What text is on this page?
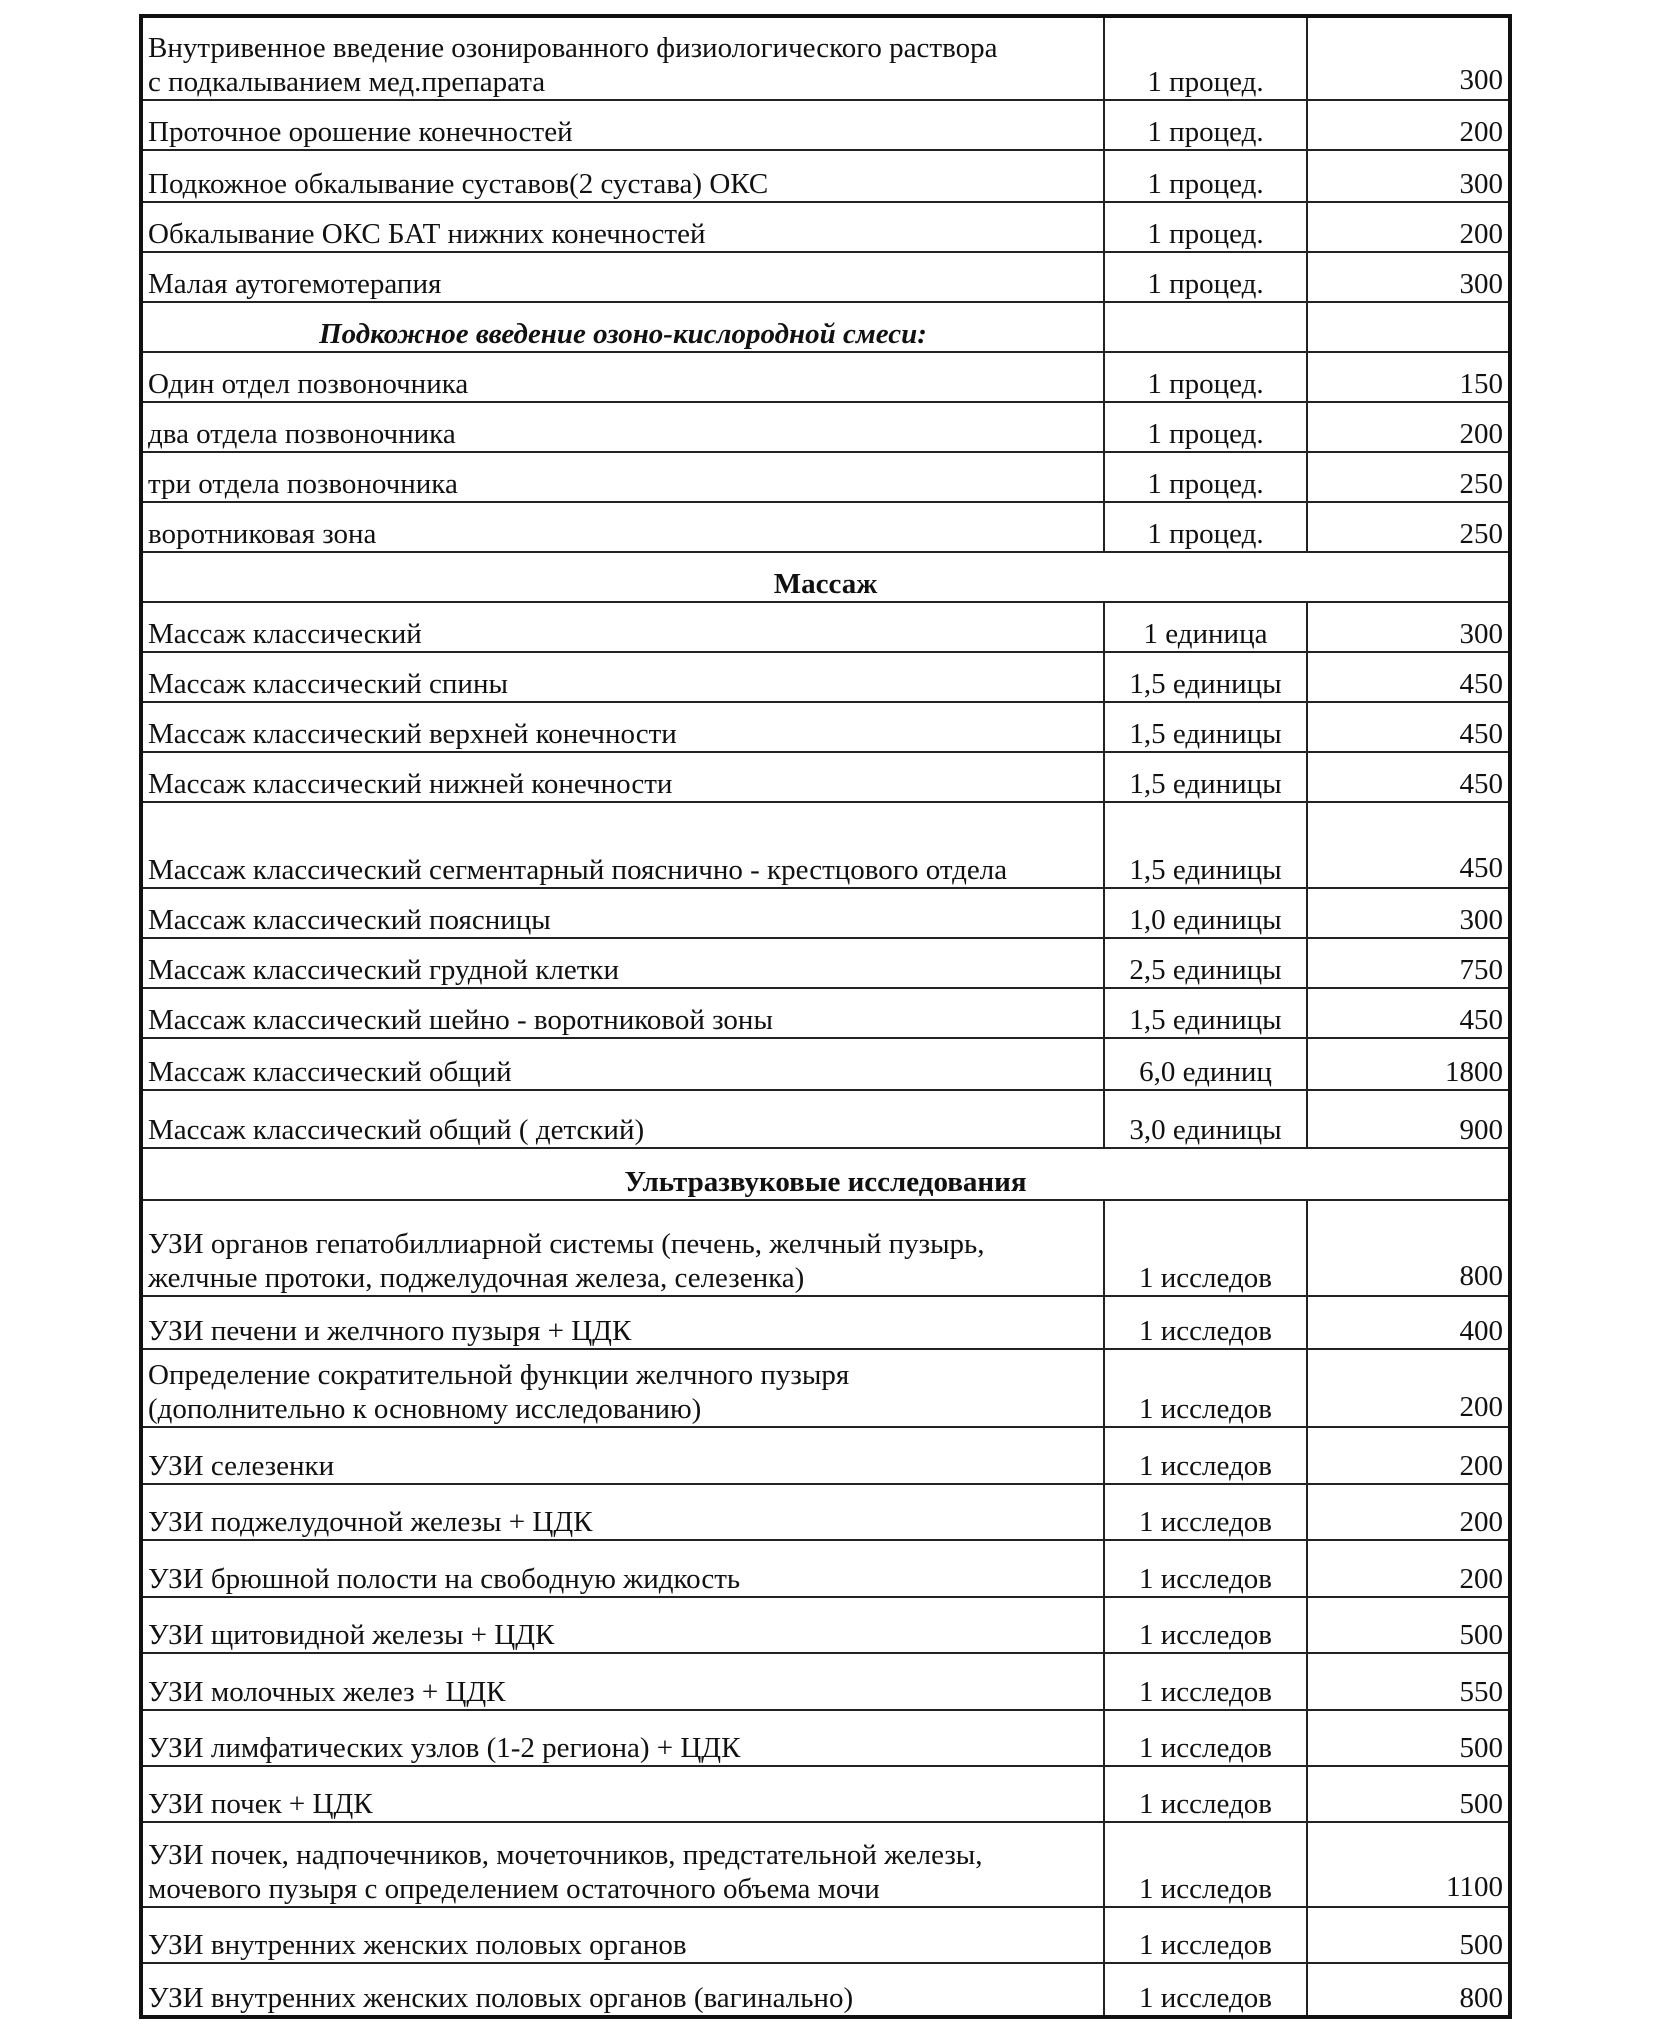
Внутривенное введение озонированного физиологического раствора
с подкалыванием мед.препарата	1 процед.	300
Проточное орошение конечностей	1 процед.	200
Подкожное обкалывание суставов(2 сустава) ОКС	1 процед.	300
Обкалывание ОКС БАТ нижних конечностей	1 процед.	200
Малая аутогемотерапия	1 процед.	300
Подкожное введение озоно-кислородной смеси:		
Один отдел позвоночника	1 процед.	150
два отдела позвоночника	1 процед.	200
три отдела позвоночника	1 процед.	250
воротниковая зона	1 процед.	250
Массаж		
Массаж классический	1 единица	300
Массаж классический спины	1,5 единицы	450
Массаж классический верхней конечности	1,5 единицы	450
Массаж классический нижней конечности	1,5 единицы	450
Массаж классический сегментарный пояснично - крестцового отдела	1,5 единицы	450
Массаж классический поясницы	1,0 единицы	300
Массаж классический грудной клетки	2,5 единицы	750
Массаж классический шейно - воротниковой зоны	1,5 единицы	450
Массаж классический общий	6,0 единиц	1800
Массаж классический общий ( детский)	3,0 единицы	900
Ультразвуковые исследования		

УЗИ органов гепатобиллиарной системы (печень, желчный пузырь,
желчные протоки, поджелудочная железа, селезенка)	1 исследов	800
УЗИ печени и желчного пузыря + ЦДК	1 исследов	400

Определение сократительной функции желчного пузыря
(дополнительно к основному исследованию)	1 исследов	200
УЗИ селезенки	1 исследов	200
УЗИ поджелудочной железы + ЦДК	1 исследов	200
УЗИ брюшной полости на свободную жидкость	1 исследов	200
УЗИ щитовидной железы + ЦДК	1 исследов	500
УЗИ молочных желез + ЦДК	1 исследов	550
УЗИ лимфатических узлов (1-2 региона) + ЦДК	1 исследов	500
УЗИ почек + ЦДК	1 исследов	500

УЗИ почек, надпочечников, мочеточников, предстательной железы,
мочевого пузыря с определением остаточного объема мочи	1 исследов	1100
УЗИ внутренних женских половых органов	1 исследов	500
УЗИ внутренних женских половых органов (вагинально)	1 исследов	800
